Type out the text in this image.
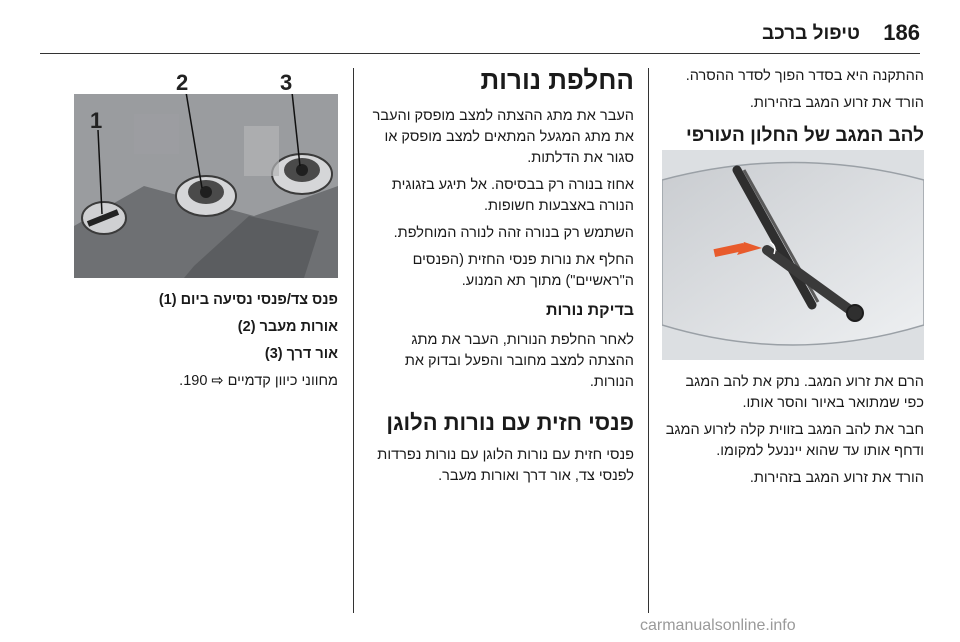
186
טיפול ברכב

ההתקנה היא בסדר הפוך לסדר ההסרה.

הורד את זרוע המגב בזהירות.

להב המגב של החלון העורפי

הרם את זרוע המגב. נתק את להב המגב כפי שמתואר באיור והסר אותו.

חבר את להב המגב בזווית קלה לזרוע המגב ודחף אותו עד שהוא ייננעל למקומו.

הורד את זרוע המגב בזהירות.

החלפת נורות

העבר את מתג ההצתה למצב מופסק והעבר את מתג המגעל המתאים למצב מופסק או סגור את הדלתות.

אחוז בנורה רק בבסיסה. אל תיגע בזגוגית הנורה באצבעות חשופות.

השתמש רק בנורה זהה לנורה המוחלפת.

החלף את נורות פנסי החזית (הפנסים ה"ראשיים") מתוך תא המנוע.

בדיקת נורות

לאחר החלפת הנורות, העבר את מתג ההצתה למצב מחובר והפעל ובדוק את הנורות.

פנסי חזית עם נורות הלוגן

פנסי חזית עם נורות הלוגן עם נורות נפרדות לפנסי צד, אור דרך ואורות מעבר.

3
2
1

פנס צד/פנסי נסיעה ביום (1)

אורות מעבר (2)

אור דרך (3)

מחווני כיוון קדמיים ⇨ 190.

carmanualsonline.info
